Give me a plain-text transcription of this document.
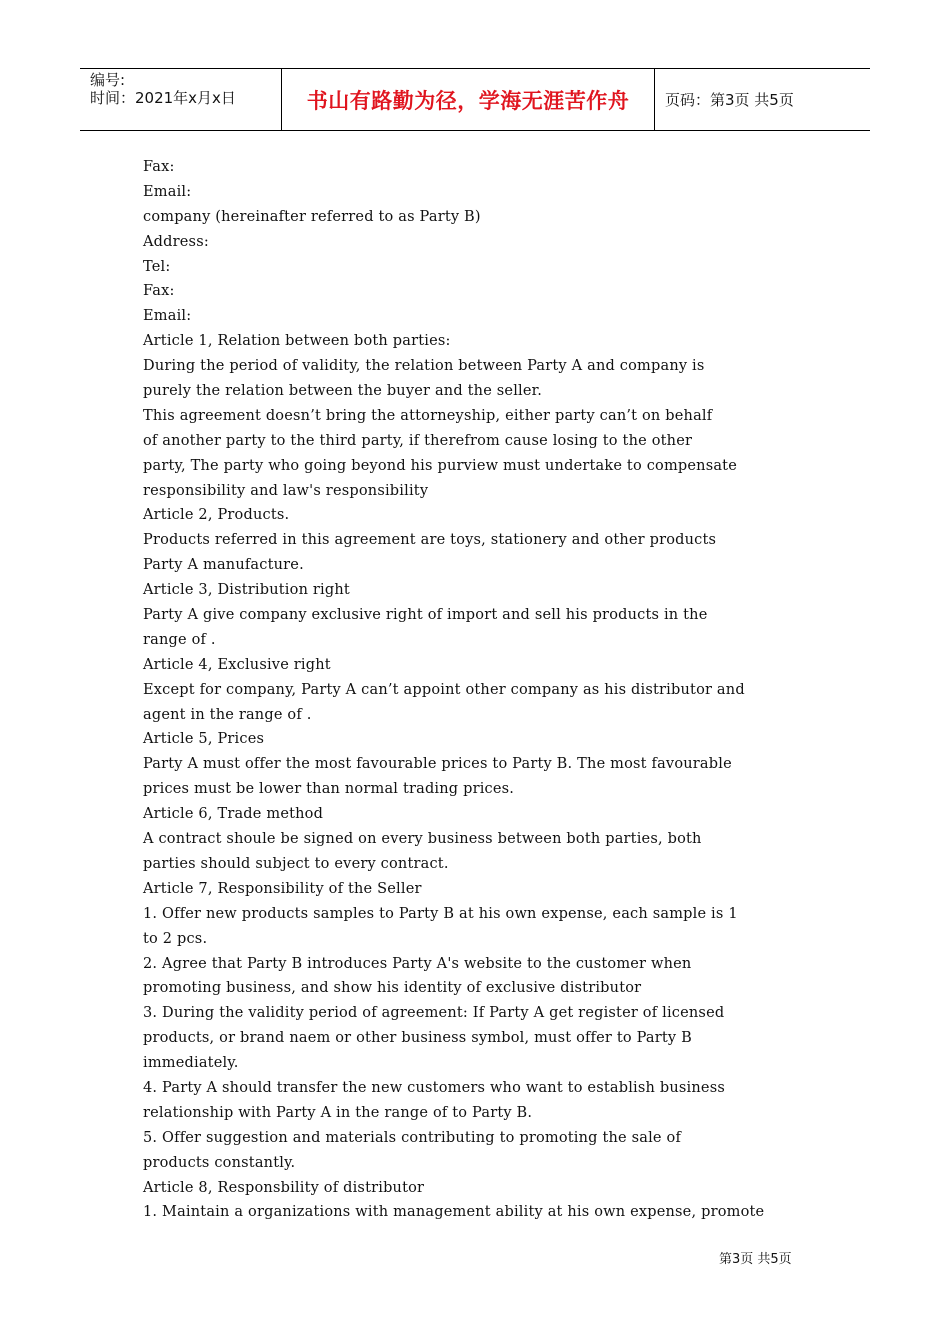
编号:
时间：2021年x月x日	书山有路勤为径，学海无涯苦作舟 页码：第3页 共5页
Fax:
Email:
company (hereinafter referred to as Party B)
Address:
Tel:
Fax:
Email:
Article 1, Relation between both parties:
During the period of validity, the relation between Party A and company is
purely the relation between the buyer and the seller.
This agreement doesn’t bring the attorneyship, either party can’t on behalf
of another party to the third party, if therefrom cause losing to the other
party, The party who going beyond his purview must undertake to compensate
responsibility and law's responsibility
Article 2, Products.
Products referred in this agreement are toys, stationery and other products
Party A manufacture.
Article 3, Distribution right
Party A give company exclusive right of import and sell his products in the
range of .
Article 4, Exclusive right
Except for company, Party A can’t appoint other company as his distributor and
agent in the range of .
Article 5, Prices
Party A must offer the most favourable prices to Party B. The most favourable
prices must be lower than normal trading prices.
Article 6, Trade method
A contract shoule be signed on every business between both parties, both
parties should subject to every contract.
Article 7, Responsibility of the Seller
1. Offer new products samples to Party B at his own expense, each sample is 1
to 2 pcs.
2. Agree that Party B introduces Party A's website to the customer when
promoting business, and show his identity of exclusive distributor
3. During the validity period of agreement: If Party A get register of licensed
products, or brand naem or other business symbol, must offer to Party B
immediately.
4. Party A should transfer the new customers who want to establish business
relationship with Party A in the range of to Party B.
5. Offer suggestion and materials contributing to promoting the sale of
products constantly.
Article 8, Responsbility of distributor
1. Maintain a organizations with management ability at his own expense, promote
第3页 共5页
